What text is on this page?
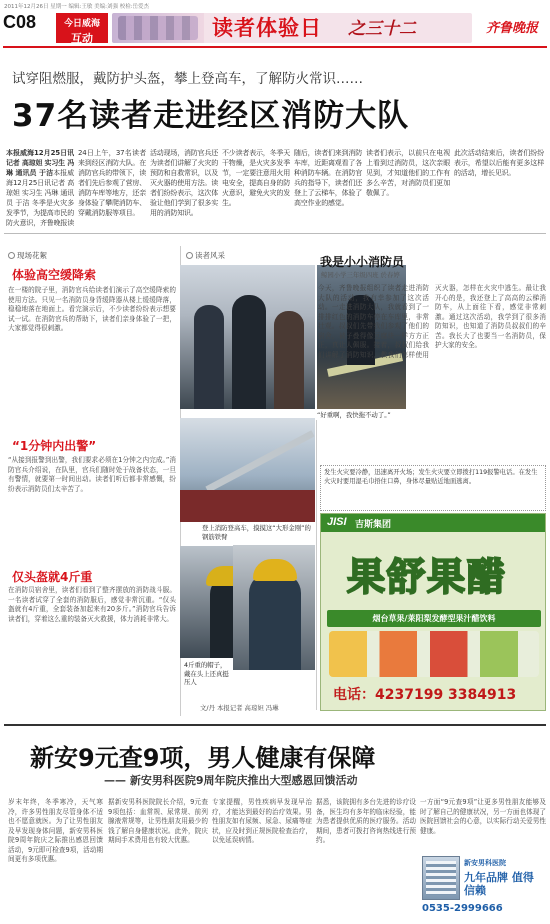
2011年12月26日 星期一 编辑:王敏 美编:刘强 校检:岳爱杰
C08	今日威海
互动	读者体验日 之三十二	齐鲁晚报
试穿阻燃服，戴防护头盔，攀上登高车，了解防火常识……
37名读者走进经区消防大队
本报威海12月25日讯记者 高琼妲 实习生 冯琳 通讯员 于洁本报威海12月25日讯记者 高琼妲 实习生 冯琳 通讯员 于洁 冬季是火灾多发季节，为提高市民的防火意识，齐鲁晚报读
24日上午，37名读者来到经区消防大队。在消防官兵的带领下，读者们先后参观了营房、消防车库等地方，还亲身体验了攀爬消防车、穿戴消防服等项目。
活动现场，消防官兵还为读者们讲解了火灾的预防和自救常识，以及灭火器的使用方法。读者们纷纷表示，这次体验让他们学到了很多实用的消防知识。
不少读者表示，冬季天干物燥，是火灾多发季节，一定要注意用火用电安全，提高自身的防火意识，避免火灾的发生。
随后，读者们来到消防车库，近距离观看了各种消防车辆。在消防官兵的指导下，读者们还登上了云梯车，体验了高空作业的感觉。
读者们表示，以前只在电视上看到过消防员，这次亲眼见到，才知道他们的工作有多么辛苦，对消防员们更加敬佩了。
此次活动结束后，读者们纷纷表示，希望以后能有更多这样的活动，增长见识。
现场花絮
体验高空缓降索
在一楼的院子里，消防官兵给读者们演示了高空缓降索的使用方法。只见一名消防员身背缓降器从楼上缓缓降落，稳稳地落在地面上。看完演示后，不少读者纷纷表示想要试一试。在消防官兵的帮助下，读者们亲身体验了一把，大家都觉得很刺激。
“1分钟内出警”
“从接到报警到出警，我们要求必须在1分钟之内完成。”消防官兵介绍说，在队里，官兵们随时处于战备状态，一旦有警情，就要第一时间出动。读者们听后都非常感慨，纷纷表示消防员们太辛苦了。
仅头盔就4斤重
在消防员宿舍里，读者们看到了整齐摆放的消防战斗服。一名读者试穿了全套的消防服后，感觉非常沉重。“仅头盔就有4斤重，全套装备加起来有20多斤。”消防官兵告诉读者们，穿着这么重的装备灭火救援，体力消耗非常大。
读者风采
“好重啊，我快拖不动了。”
登上消防登高车，摸摸这“大形金刚”的钢筋铁臂
4斤重的帽子，戴在头上还真挺压人
文/丹 本报记者 高琼妲 冯琳
我是小小消防员
鲸园小学三年级四班 於春婷
今天，齐鲁晚报组织了读者走进消防大队的活动，我有幸参加了这次活动。一走进消防大队，我就看到了一排排红色的消防车停在车库里，非常壮观。叔叔们先带我们参观了他们的宿舍，被子叠得像豆腐块一样方方正正，真让人佩服。接着，叔叔们给我们讲解了消防知识，教我们怎样使用灭火器，怎样在火灾中逃生。最让我开心的是，我还登上了高高的云梯消防车，从上面往下看，感觉非常刺激。通过这次活动，我学到了很多消防知识，也知道了消防员叔叔们的辛苦。我长大了也要当一名消防员，保护大家的安全。
发生火灾要冷静，迅速离开火场；发生火灾要立即拨打119报警电话。在发生火灾时要用湿毛巾捂住口鼻，身体尽量贴近地面逃离。
JISI 吉斯集团
果舒果醋
烟台草果/莱阳梨发酵型果汁醋饮料
电话：4237199 3384913
新安9元查9项，男人健康有保障
—— 新安男科医院9周年院庆推出大型感恩回馈活动
岁末年终，冬季寒冷，天气寒冷，许多男性朋友尽管身体不适也不愿意就医。为了让男性朋友及早发现身体问题，新安男科医院9周年院庆之际推出感恩回馈活动，9元即可检查9项，活动期间更有多项优惠。
据新安男科医院院长介绍，9元查9项包括：血常规、尿常规、前列腺液常规等，让男性朋友用最少的钱了解自身健康状况。此外，院庆期间手术费用也有较大优惠。
专家提醒，男性疾病早发现早治疗，才能达到最好的治疗效果。男性朋友如有尿频、尿急、尿痛等症状，应及时到正规医院检查治疗，以免延误病情。
据悉，该院拥有多台先进的诊疗设备，医生均有多年的临床经验，能为患者提供优质的医疗服务。活动期间，患者可拨打咨询热线进行预约。
一方面“9元查9项”让更多男性朋友能够及时了解自己的健康状况，另一方面也体现了医院回馈社会的心意，以实际行动关爱男性健康。
新安男科医院
九年品牌 值得信赖
0535-2999666
